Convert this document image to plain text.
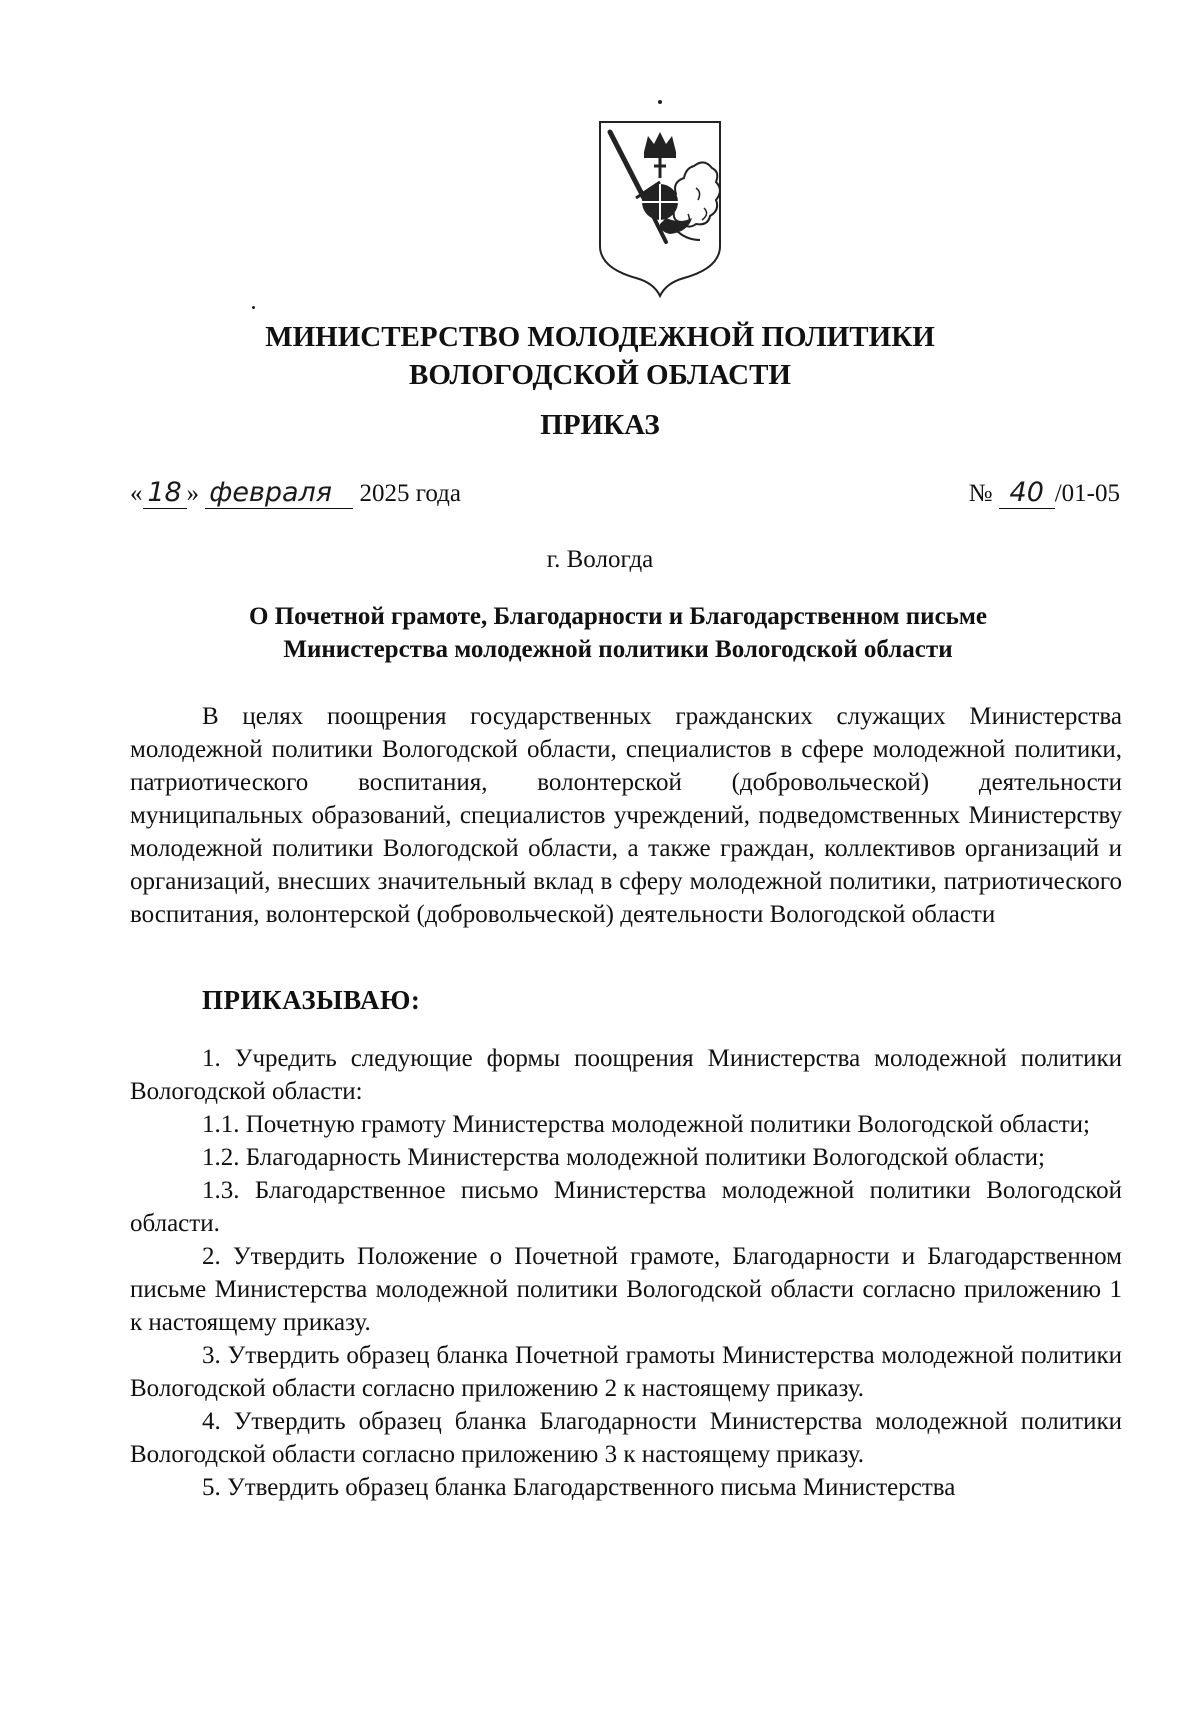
МИНИСТЕРСТВО МОЛОДЕЖНОЙ ПОЛИТИКИ
ВОЛОГОДСКОЙ ОБЛАСТИ
ПРИКАЗ
« 18 » февраля 2025 года	№ 40 /01-05
г. Вологда
О Почетной грамоте, Благодарности и Благодарственном письме
Министерства молодежной политики Вологодской области

В целях поощрения государственных гражданских служащих Министерства молодежной политики Вологодской области, специалистов в сфере молодежной политики, патриотического воспитания, волонтерской (добровольческой) деятельности муниципальных образований, специалистов учреждений, подведомственных Министерству молодежной политики Вологодской области, а также граждан, коллективов организаций и организаций, внесших значительный вклад в сферу молодежной политики, патриотического воспитания, волонтерской (добровольческой) деятельности Вологодской области

ПРИКАЗЫВАЮ:

1. Учредить следующие формы поощрения Министерства молодежной политики Вологодской области:

1.1. Почетную грамоту Министерства молодежной политики Вологодской области;

1.2. Благодарность Министерства молодежной политики Вологодской области;

1.3. Благодарственное письмо Министерства молодежной политики Вологодской области.

2. Утвердить Положение о Почетной грамоте, Благодарности и Благодарственном письме Министерства молодежной политики Вологодской области согласно приложению 1 к настоящему приказу.

3. Утвердить образец бланка Почетной грамоты Министерства молодежной политики Вологодской области согласно приложению 2 к настоящему приказу.

4. Утвердить образец бланка Благодарности Министерства молодежной политики Вологодской области согласно приложению 3 к настоящему приказу.

5. Утвердить образец бланка Благодарственного письма Министерства
